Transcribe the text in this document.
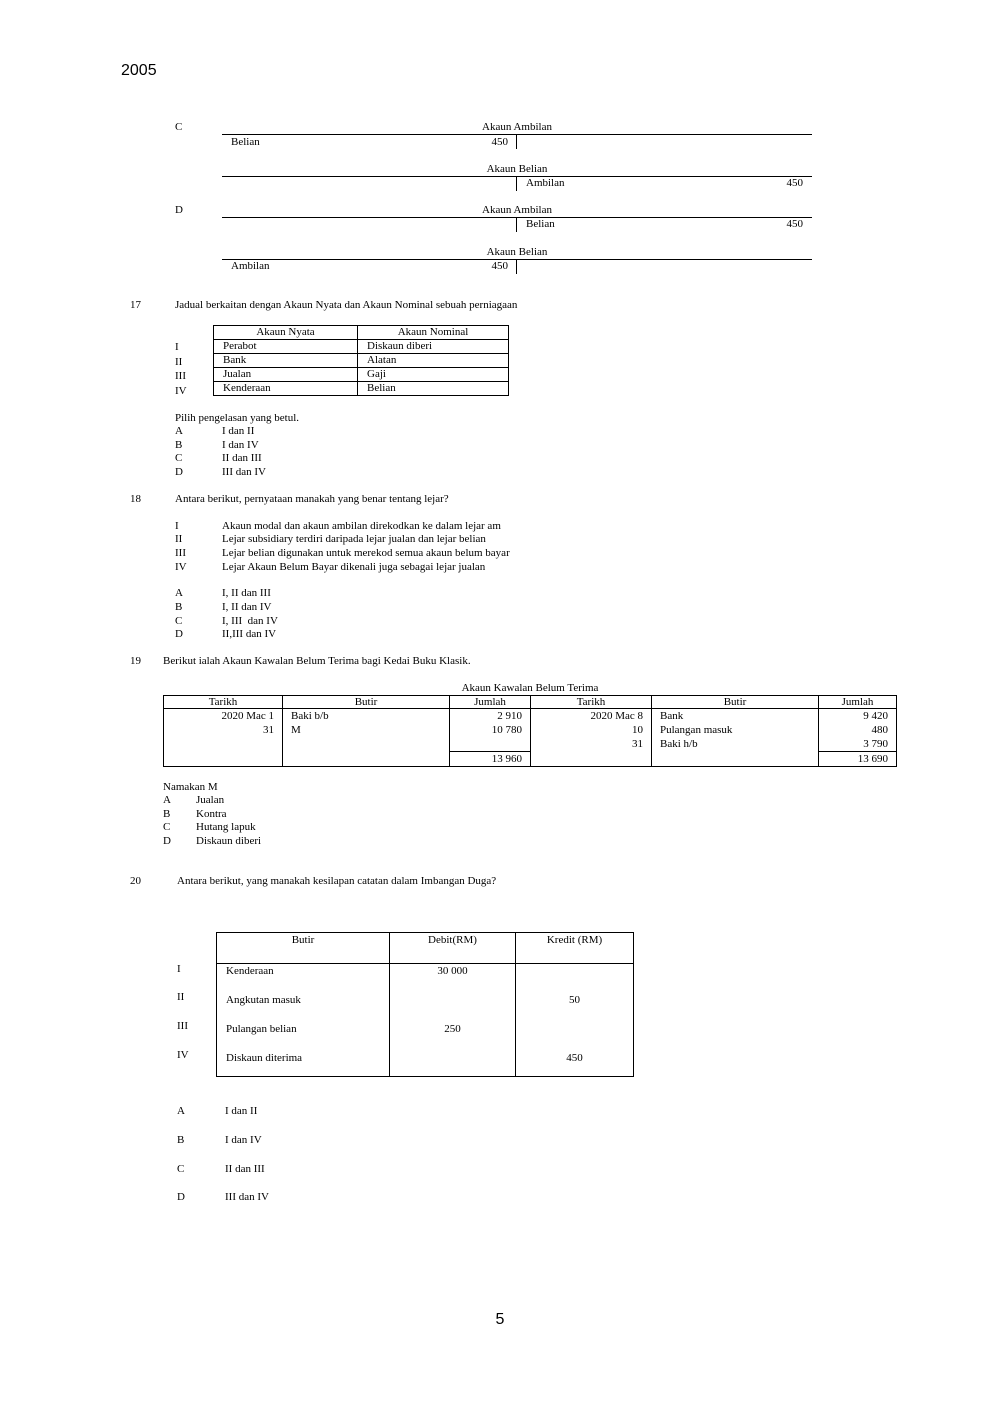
2005
C	Akaun Ambilan
Belian	450
Akaun Belian
Ambilan	450
D	Akaun Ambilan
Belian	450
Akaun Belian
Ambilan	450
17	Jadual berkaitan dengan Akaun Nyata dan Akaun Nominal sebuah perniagaan
I
II
III
IV
Akaun Nyata	Akaun Nominal
Perabot	Diskaun diberi
Bank	Alatan
Jualan	Gaji
Kenderaan	Belian
Pilih pengelasan yang betul.
A	I dan II
B	I dan IV
C	II dan III
D	III dan IV
18	Antara berikut, pernyataan manakah yang benar tentang lejar?
I	Akaun modal dan akaun ambilan direkodkan ke dalam lejar am
II	Lejar subsidiary terdiri daripada lejar jualan dan lejar belian
III	Lejar belian digunakan untuk merekod semua akaun belum bayar
IV	Lejar Akaun Belum Bayar dikenali juga sebagai lejar jualan
A	I, II dan III
B	I, II dan IV
C	I, III  dan IV
D	II,III dan IV
19 Berikut ialah Akaun Kawalan Belum Terima bagi Kedai Buku Klasik.
Akaun Kawalan Belum Terima
Tarikh	Butir	Jumlah	Tarikh	Butir	Jumlah
2020 Mac 1	Baki b/b	2 910	2020 Mac 8	Bank	9 420
31	M	10 780	10	Pulangan masuk	480
			31	Baki h/b	3 790
		13 960			13 690
Namakan M
A Jualan
B Kontra
C Hutang lapuk
D Diskaun diberi
20	Antara berikut, yang manakah kesilapan catatan dalam Imbangan Duga?
I
II
III
IV
Butir	Debit(RM)	Kredit (RM)
Kenderaan	30 000	
Angkutan masuk		50
Pulangan belian	250	
Diskaun diterima		450
A	I dan II
B	I dan IV
C	II dan III
D	III dan IV
5
